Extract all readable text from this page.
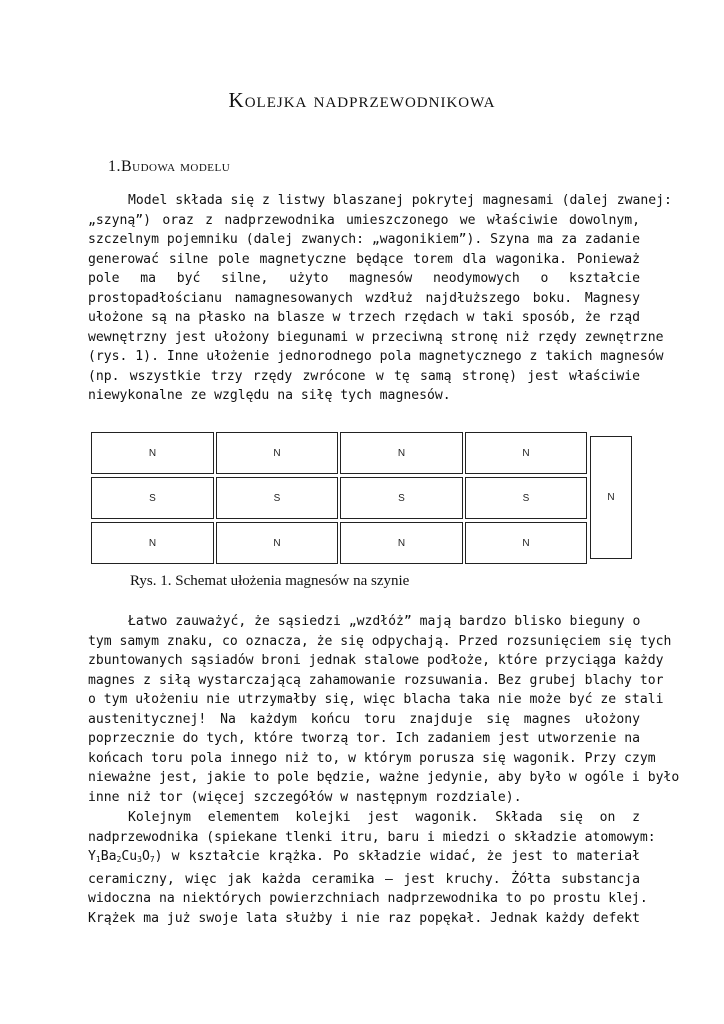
Kolejka nadprzewodnikowa
1.Budowa modelu
Model składa się z listwy blaszanej pokrytej magnesami (dalej zwanej:
„szyną”) oraz z nadprzewodnika umieszczonego we właściwie dowolnym,
szczelnym pojemniku (dalej zwanych: „wagonikiem”). Szyna ma za zadanie
generować silne pole magnetyczne będące torem dla wagonika. Ponieważ
pole ma być silne, użyto magnesów neodymowych o kształcie
prostopadłościanu namagnesowanych wzdłuż najdłuższego boku. Magnesy
ułożone są na płasko na blasze w trzech rzędach w taki sposób, że rząd
wewnętrzny jest ułożony biegunami w przeciwną stronę niż rzędy zewnętrzne
(rys. 1). Inne ułożenie jednorodnego pola magnetycznego z takich magnesów
(np. wszystkie trzy rzędy zwrócone w tę samą stronę) jest właściwie
niewykonalne ze względu na siłę tych magnesów.
N	N	N	N
S	S	S	S
N	N	N	N
N
Rys. 1. Schemat ułożenia magnesów na szynie
Łatwo zauważyć, że sąsiedzi „wzdłóż” mają bardzo blisko bieguny o
tym samym znaku, co oznacza, że się odpychają. Przed rozsunięciem się tych
zbuntowanych sąsiadów broni jednak stalowe podłoże, które przyciąga każdy
magnes z siłą wystarczającą zahamowanie rozsuwania. Bez grubej blachy tor
o tym ułożeniu nie utrzymałby się, więc blacha taka nie może być ze stali
austenitycznej! Na każdym końcu toru znajduje się magnes ułożony
poprzecznie do tych, które tworzą tor. Ich zadaniem jest utworzenie na
końcach toru pola innego niż to, w którym porusza się wagonik. Przy czym
nieważne jest, jakie to pole będzie, ważne jedynie, aby było w ogóle i było
inne niż tor (więcej szczegółów w następnym rozdziale).
Kolejnym elementem kolejki jest wagonik. Składa się on z
nadprzewodnika (spiekane tlenki itru, baru i miedzi o składzie atomowym:
$Y_1Ba_2Cu_3O_7$) w kształcie krążka. Po składzie widać, że jest to materiał
ceramiczny, więc jak każda ceramika – jest kruchy. Żółta substancja
widoczna na niektórych powierzchniach nadprzewodnika to po prostu klej.
Krążek ma już swoje lata służby i nie raz popękał. Jednak każdy defekt
